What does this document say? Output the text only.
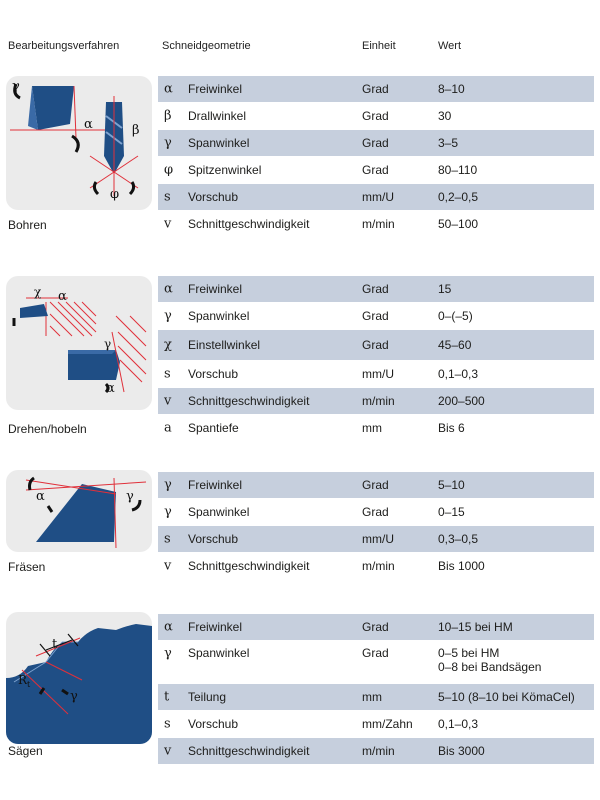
Bearbeitungsverfahren	Schneidgeometrie	Einheit	Wert
γ
α	β
φ
Bohren
α Freiwinkel	Grad	8–10
β Drallwinkel	Grad	30
γ Spanwinkel	Grad	3–5
φ Spitzenwinkel	Grad	80–110
s Vorschub	mm/U	0,2–0,5
v Schnittgeschwindigkeit	m/min	50–100
χ α
γ
α
Drehen/hobeln
α Freiwinkel	Grad	15
γ Spanwinkel	Grad	0–(–5)
χ Einstellwinkel	Grad	45–60
s Vorschub	mm/U	0,1–0,3
v Schnittgeschwindigkeit	m/min	200–500
a Spantiefe	mm	Bis 6
α	γ
Fräsen
γ Freiwinkel	Grad	5–10
γ Spanwinkel	Grad	0–15
s Vorschub	mm/U	0,3–0,5
v Schnittgeschwindigkeit	m/min	Bis 1000
t
R t
γ
Sägen
α Freiwinkel	Grad	10–15 bei HM
γ Spanwinkel	Grad	0–5 bei HM
0–8 bei Bandsägen
t Teilung	mm	5–10 (8–10 bei KömaCel)
s Vorschub	mm/Zahn 0,1–0,3
v Schnittgeschwindigkeit	m/min	Bis 3000
